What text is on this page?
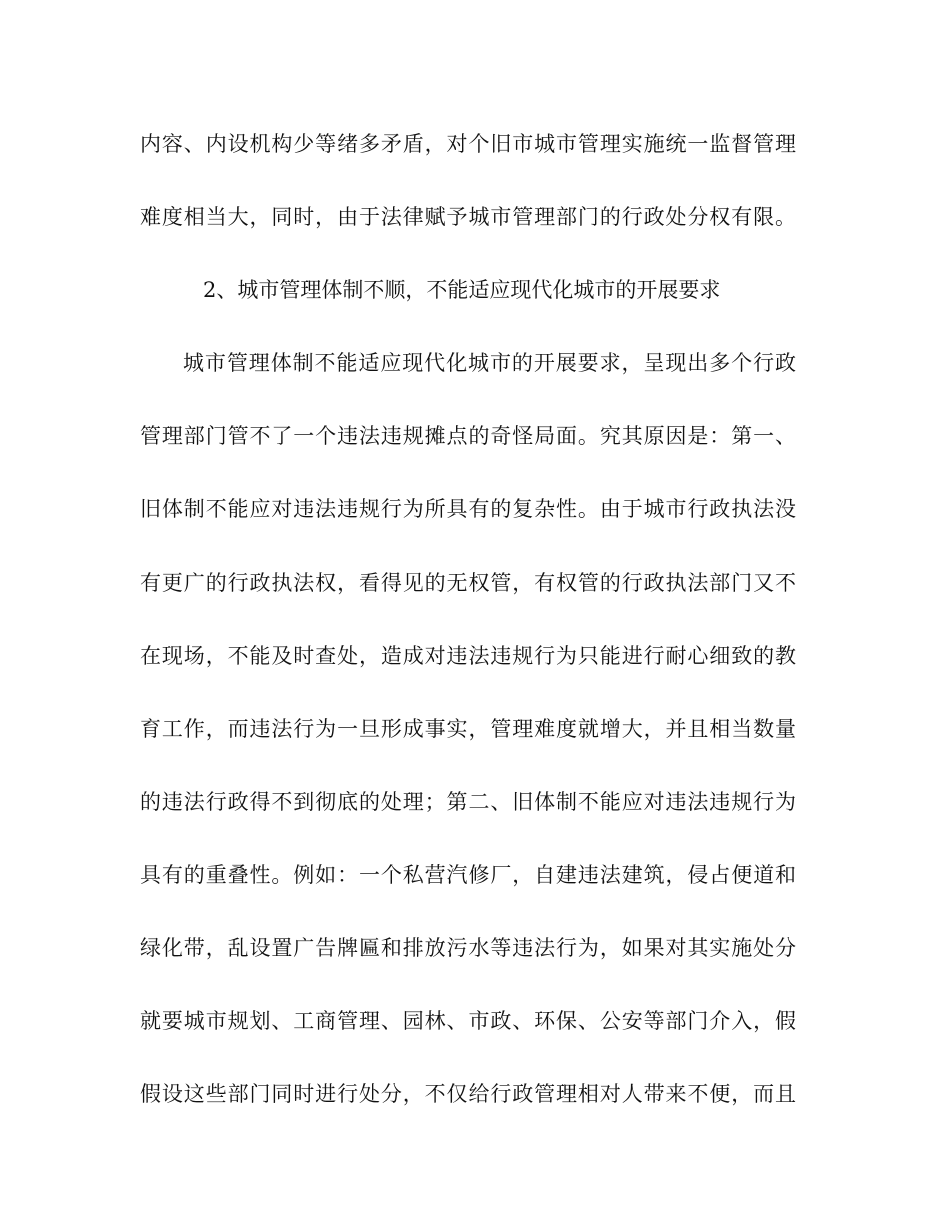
内容、内设机构少等绪多矛盾，对个旧市城市管理实施统一监督管理
难度相当大，同时，由于法律赋予城市管理部门的行政处分权有限。
2、城市管理体制不顺，不能适应现代化城市的开展要求
城市管理体制不能适应现代化城市的开展要求，呈现出多个行政
管理部门管不了一个违法违规摊点的奇怪局面。究其原因是：第一、
旧体制不能应对违法违规行为所具有的复杂性。由于城市行政执法没
有更广的行政执法权，看得见的无权管，有权管的行政执法部门又不
在现场，不能及时查处，造成对违法违规行为只能进行耐心细致的教
育工作，而违法行为一旦形成事实，管理难度就增大，并且相当数量
的违法行政得不到彻底的处理；第二、旧体制不能应对违法违规行为
具有的重叠性。例如：一个私营汽修厂，自建违法建筑，侵占便道和
绿化带，乱设置广告牌匾和排放污水等违法行为，如果对其实施处分
就要城市规划、工商管理、园林、市政、环保、公安等部门介入，假
假设这些部门同时进行处分，不仅给行政管理相对人带来不便，而且
